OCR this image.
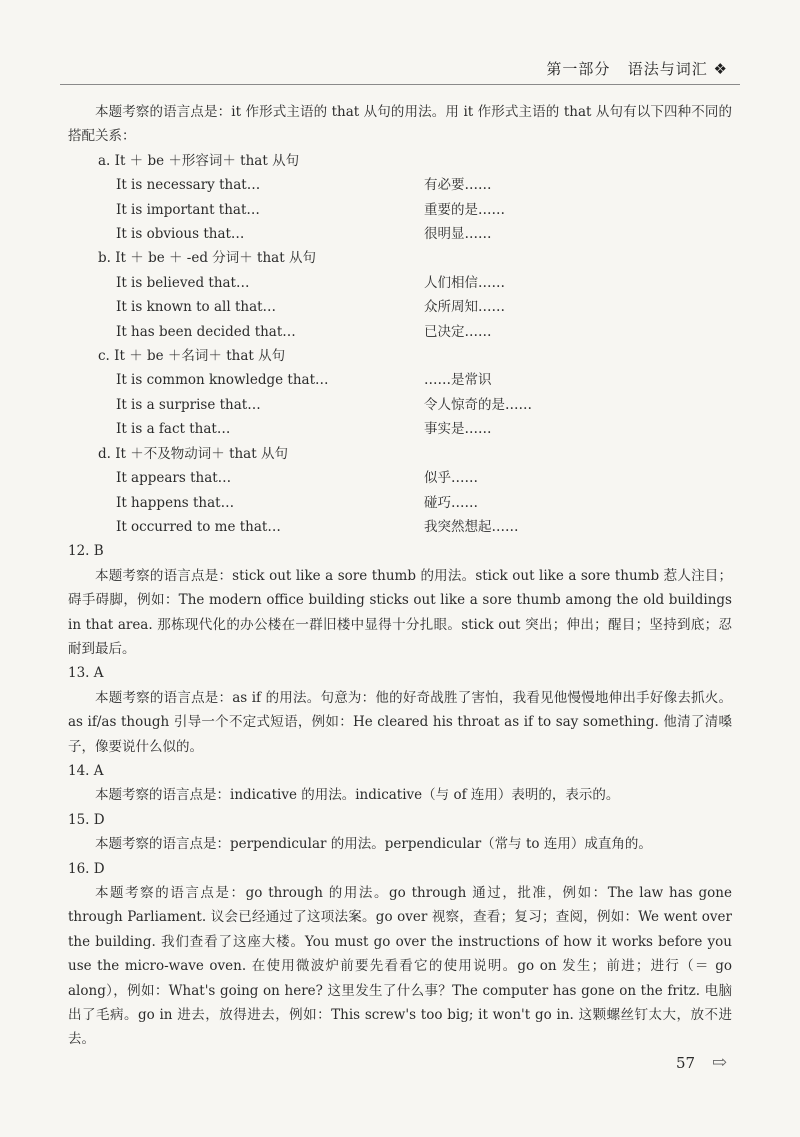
第一部分 语法与词汇 ❖

本题考察的语言点是：it 作形式主语的 that 从句的用法。用 it 作形式主语的 that 从句有以下四种不同的搭配关系：

a. It ＋ be ＋形容词＋ that 从句

It is necessary that…	有必要……
It is important that…	重要的是……
It is obvious that…	很明显……

b. It ＋ be ＋ -ed 分词＋ that 从句

It is believed that…	人们相信……
It is known to all that…	众所周知……
It has been decided that…	已决定……

c. It ＋ be ＋名词＋ that 从句

It is common knowledge that…	……是常识
It is a surprise that…	令人惊奇的是……
It is a fact that…	事实是……

d. It ＋不及物动词＋ that 从句

It appears that…	似乎……
It happens that…	碰巧……
It occurred to me that…	我突然想起……

12. B

本题考察的语言点是：stick out like a sore thumb 的用法。stick out like a sore thumb 惹人注目；碍手碍脚，例如：The modern office building sticks out like a sore thumb among the old buildings in that area. 那栋现代化的办公楼在一群旧楼中显得十分扎眼。stick out 突出；伸出；醒目；坚持到底；忍耐到最后。

13. A

本题考察的语言点是：as if 的用法。句意为：他的好奇战胜了害怕，我看见他慢慢地伸出手好像去抓火。as if/as though 引导一个不定式短语，例如：He cleared his throat as if to say something. 他清了清嗓子，像要说什么似的。

14. A

本题考察的语言点是：indicative 的用法。indicative（与 of 连用）表明的，表示的。

15. D

本题考察的语言点是：perpendicular 的用法。perpendicular（常与 to 连用）成直角的。

16. D

本题考察的语言点是：go through 的用法。go through 通过，批准，例如：The law has gone through Parliament. 议会已经通过了这项法案。go over 视察，查看；复习；查阅，例如：We went over the building. 我们查看了这座大楼。You must go over the instructions of how it works before you use the micro-wave oven. 在使用微波炉前要先看看它的使用说明。go on 发生；前进；进行（＝ go along），例如：What's going on here? 这里发生了什么事？The computer has gone on the fritz. 电脑出了毛病。go in 进去，放得进去，例如：This screw's too big; it won't go in. 这颗螺丝钉太大，放不进去。

57 ⇨
